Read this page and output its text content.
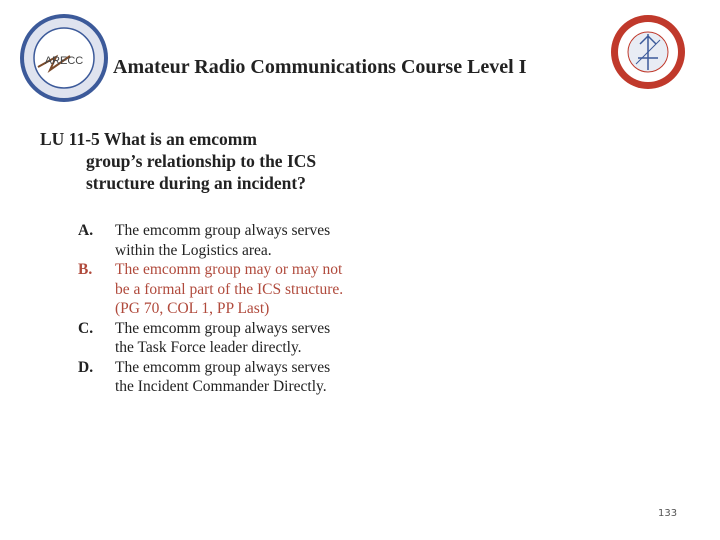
ARECC Amateur Radio Communications Course Level I
LU 11-5 What is an emcomm
group’s relationship to the ICS structure during an incident?
A.	The emcomm group always serves within the Logistics area.
B.	The emcomm group may or may not be a formal part of the ICS structure. (PG 70, COL 1, PP Last)
C.	The emcomm group always serves the Task Force leader directly.
D.	The emcomm group always serves the Incident Commander Directly.
133
